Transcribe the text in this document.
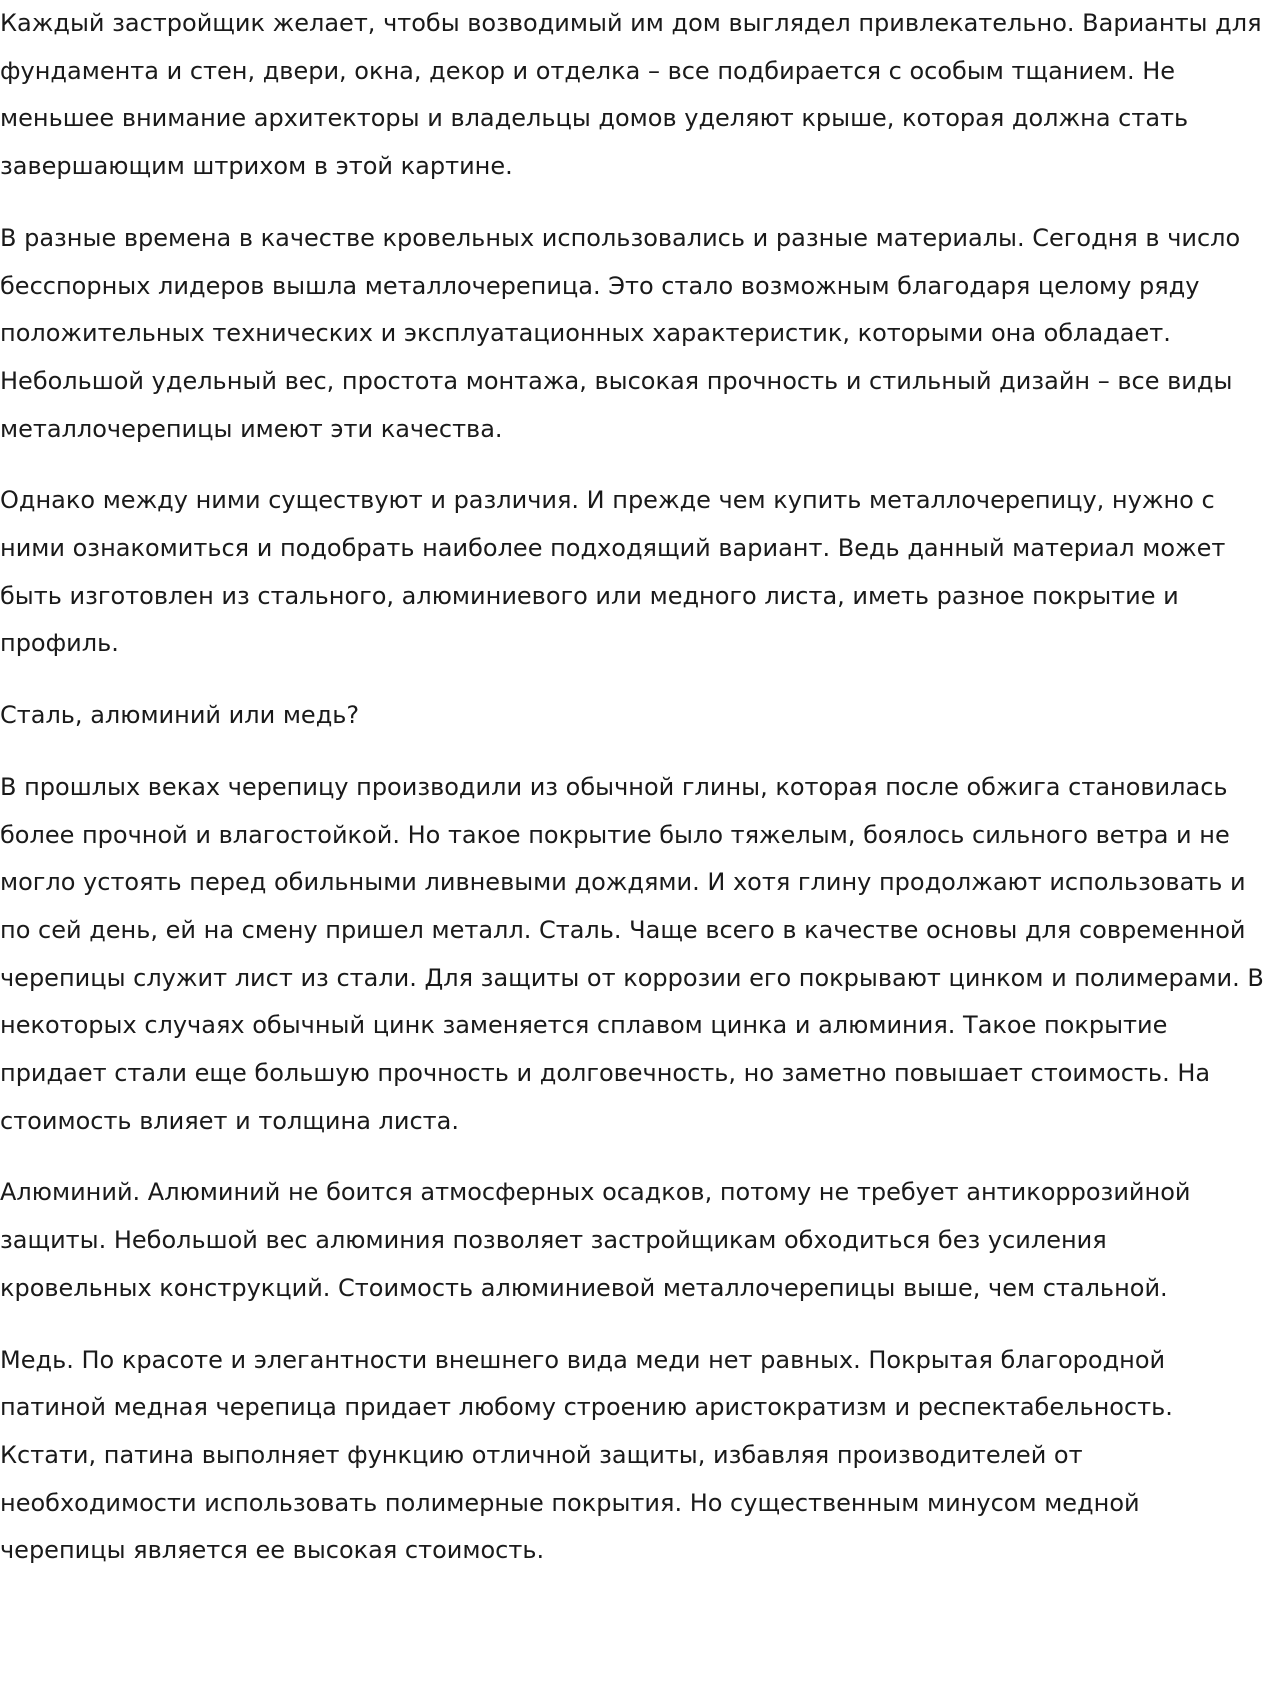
Каждый застройщик желает, чтобы возводимый им дом выглядел привлекательно. Варианты для фундамента и стен, двери, окна, декор и отделка – все подбирается с особым тщанием. Не меньшее внимание архитекторы и владельцы домов уделяют крыше, которая должна стать завершающим штрихом в этой картине.

В разные времена в качестве кровельных использовались и разные материалы. Сегодня в число бесспорных лидеров вышла металлочерепица. Это стало возможным благодаря целому ряду положительных технических и эксплуатационных характеристик, которыми она обладает. Небольшой удельный вес, простота монтажа, высокая прочность и стильный дизайн – все виды металлочерепицы имеют эти качества.

Однако между ними существуют и различия. И прежде чем купить металлочерепицу, нужно с ними ознакомиться и подобрать наиболее подходящий вариант. Ведь данный материал может быть изготовлен из стального, алюминиевого или медного листа, иметь разное покрытие и профиль.

Сталь, алюминий или медь?

В прошлых веках черепицу производили из обычной глины, которая после обжига становилась более прочной и влагостойкой. Но такое покрытие было тяжелым, боялось сильного ветра и не могло устоять перед обильными ливневыми дождями. И хотя глину продолжают использовать и по сей день, ей на смену пришел металл. Сталь. Чаще всего в качестве основы для современной черепицы служит лист из стали. Для защиты от коррозии его покрывают цинком и полимерами. В некоторых случаях обычный цинк заменяется сплавом цинка и алюминия. Такое покрытие придает стали еще большую прочность и долговечность, но заметно повышает стоимость. На стоимость влияет и толщина листа.

Алюминий. Алюминий не боится атмосферных осадков, потому не требует антикоррозийной защиты. Небольшой вес алюминия позволяет застройщикам обходиться без усиления кровельных конструкций. Стоимость алюминиевой металлочерепицы выше, чем стальной.

Медь. По красоте и элегантности внешнего вида меди нет равных. Покрытая благородной патиной медная черепица придает любому строению аристократизм и респектабельность. Кстати, патина выполняет функцию отличной защиты, избавляя производителей от необходимости использовать полимерные покрытия. Но существенным минусом медной черепицы является ее высокая стоимость.
